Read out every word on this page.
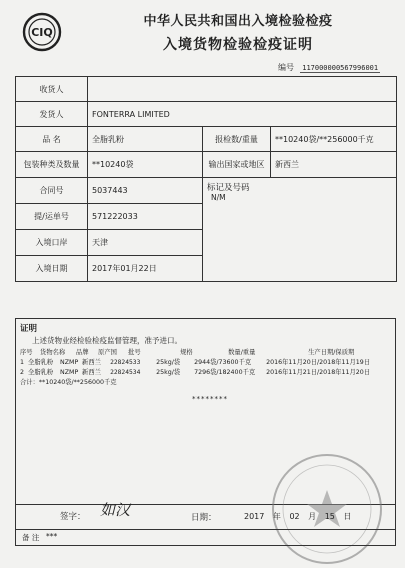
CIQ
中华人民共和国出入境检验检疫
入境货物检验检疫证明
编号 117000000567996001
收货人			
发货人	FONTERRA LIMITED		
品 名	全脂乳粉	报检数/重量	**10240袋/**256000千克
包装种类及数量	**10240袋	输出国家或地区	新西兰
合同号	5037443	标记及号码
N/M	

提/运单号	571222033		
入境口岸	天津		
入境日期	2017年01月22日		
证明
上述货物业经检验检疫监督管理，准予进口。
序号 货物名称 品牌 原产国 批号	规格	数量/重量	生产日期/保质期
1 全脂乳粉 NZMP 新西兰 22824533 25kg/袋 2944袋/73600千克 2016年11月20日/2018年11月19日
2 全脂乳粉 NZMP 新西兰 22824534 25kg/袋 7296袋/182400千克 2016年11月21日/2018年11月20日
合计：**10240袋/**256000千克
********
签字： 如汉	日期：	2017 年 02 月 15 日
备 注 ***
